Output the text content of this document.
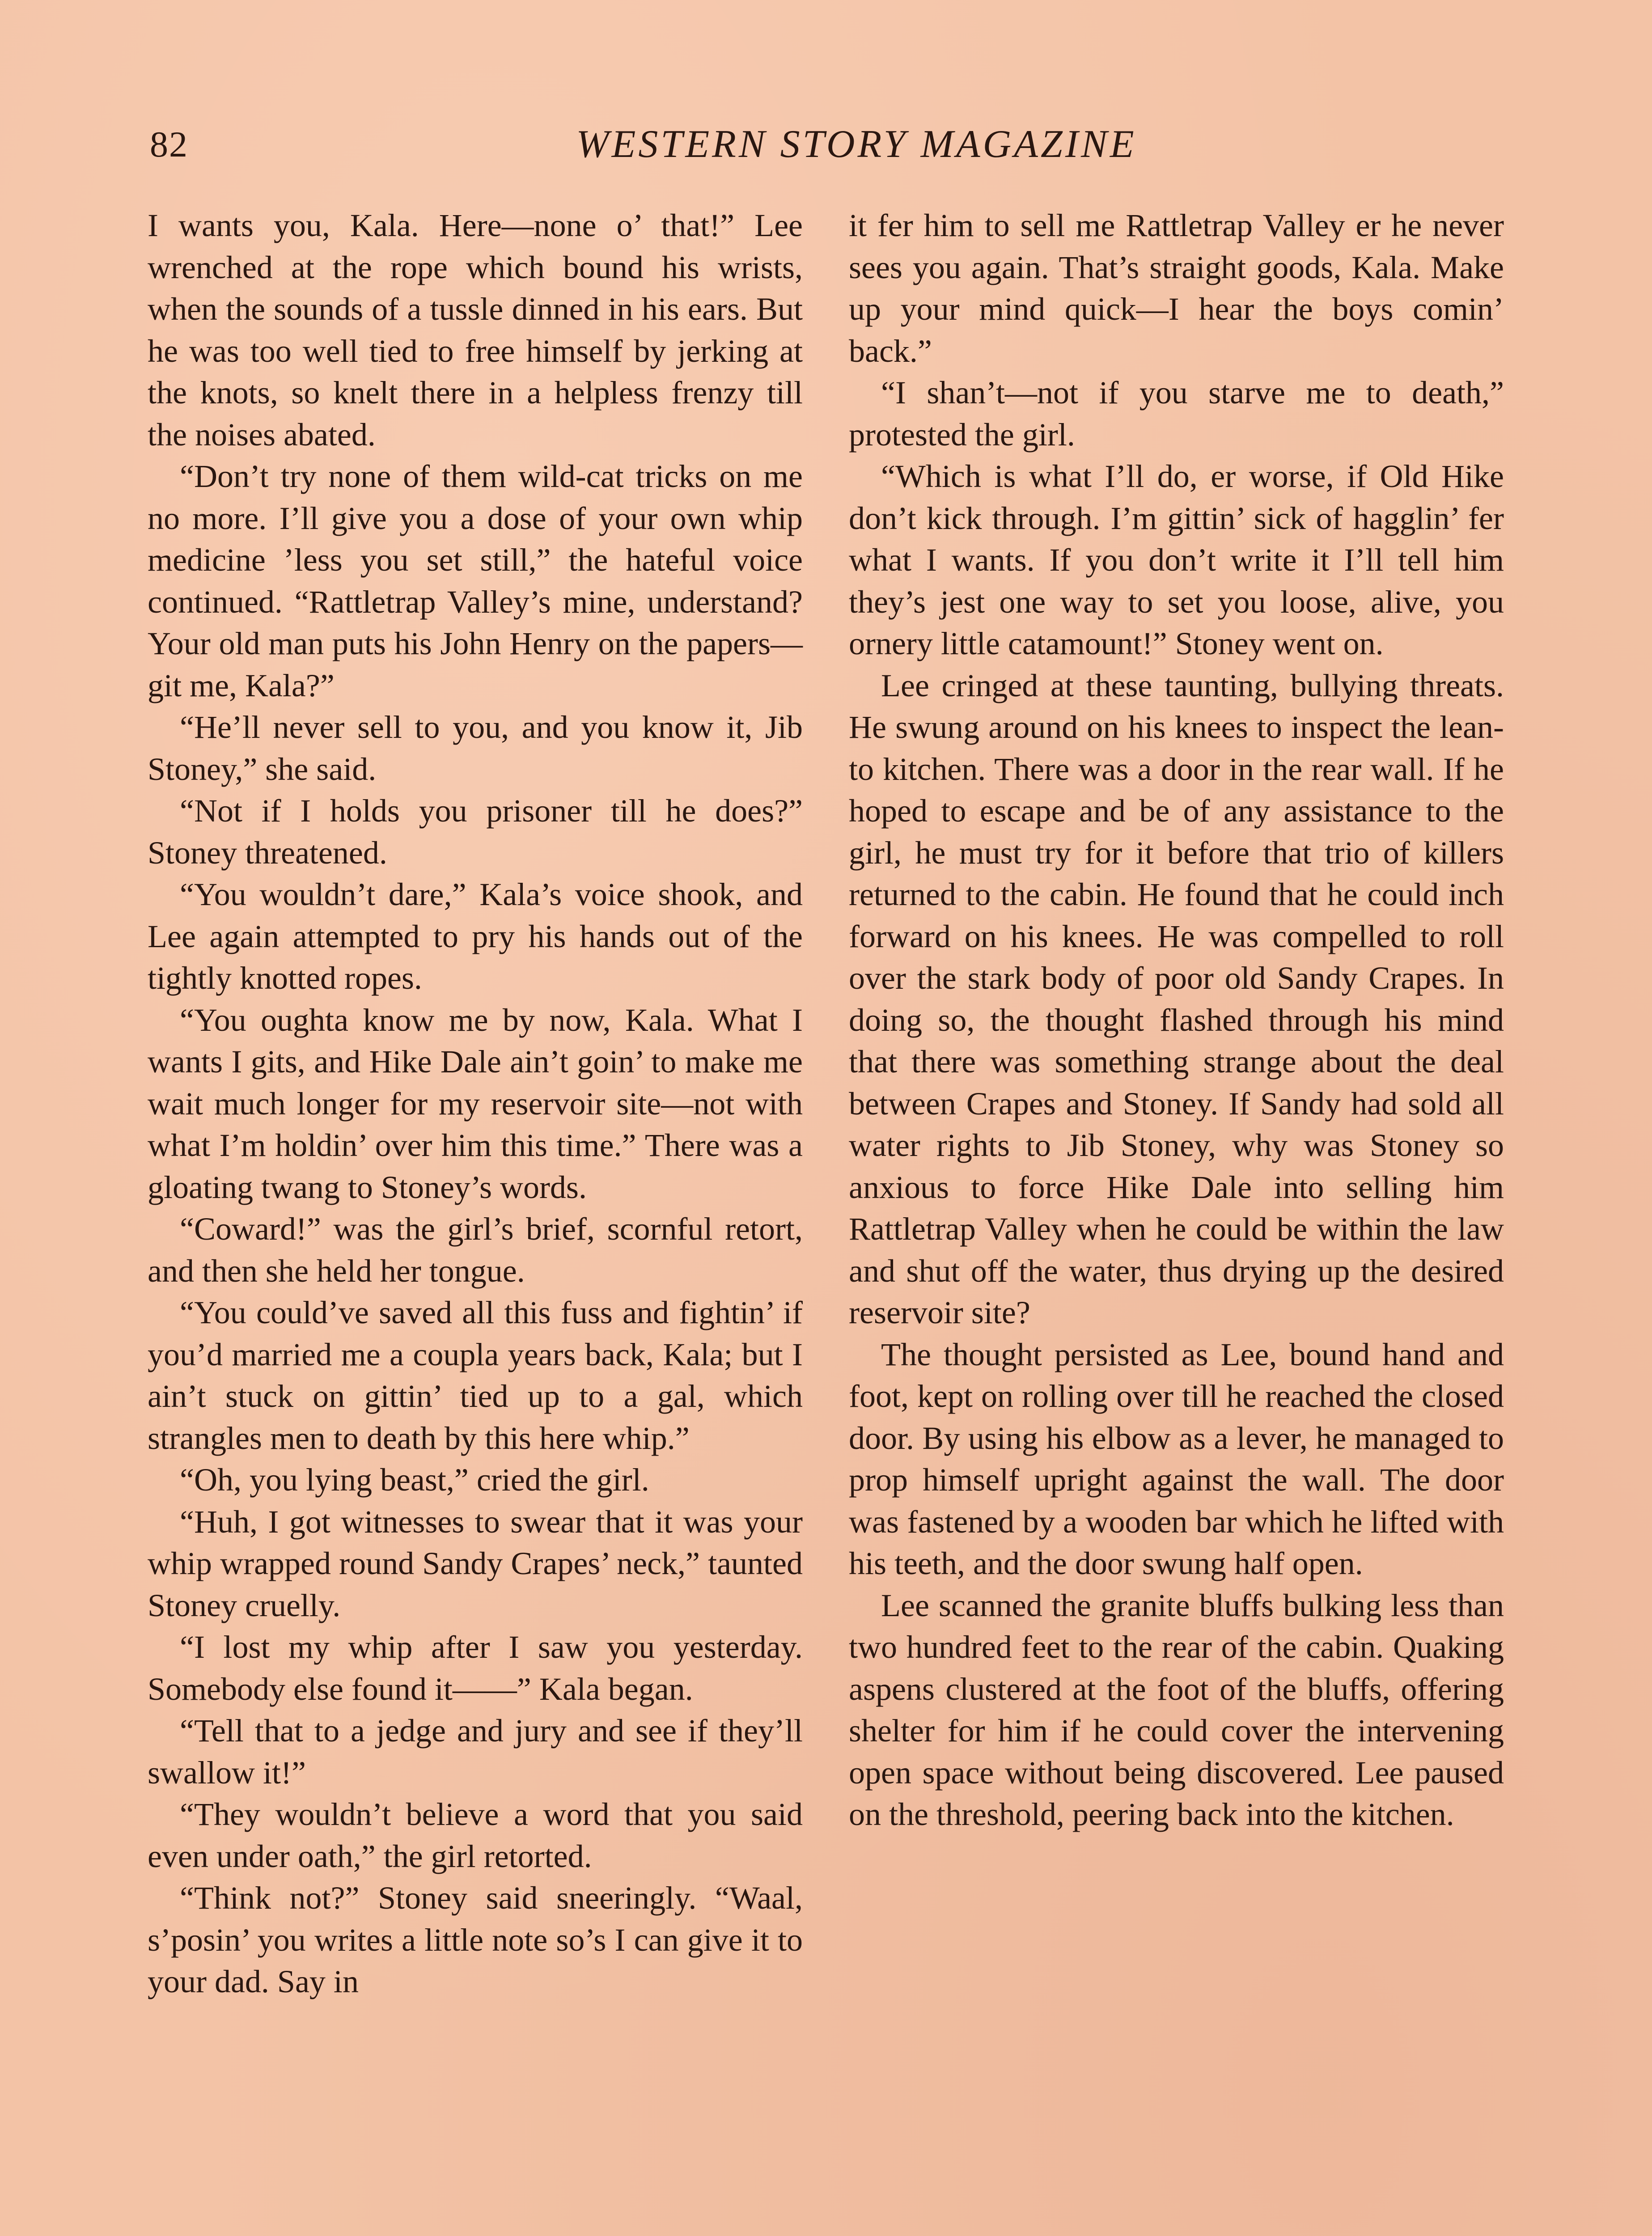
82	WESTERN STORY MAGAZINE

I wants you, Kala. Here—none o’ that!” Lee wrenched at the rope which bound his wrists, when the sounds of a tussle dinned in his ears. But he was too well tied to free himself by jerking at the knots, so knelt there in a helpless frenzy till the noises abated.

“Don’t try none of them wild-cat tricks on me no more. I’ll give you a dose of your own whip medicine ’less you set still,” the hateful voice continued. “Rattletrap Valley’s mine, understand? Your old man puts his John Henry on the papers—git me, Kala?”

“He’ll never sell to you, and you know it, Jib Stoney,” she said.

“Not if I holds you prisoner till he does?” Stoney threatened.

“You wouldn’t dare,” Kala’s voice shook, and Lee again attempted to pry his hands out of the tightly knotted ropes.

“You oughta know me by now, Kala. What I wants I gits, and Hike Dale ain’t goin’ to make me wait much longer for my reservoir site—not with what I’m holdin’ over him this time.” There was a gloating twang to Stoney’s words.

“Coward!” was the girl’s brief, scornful retort, and then she held her tongue.

“You could’ve saved all this fuss and fightin’ if you’d married me a coupla years back, Kala; but I ain’t stuck on gittin’ tied up to a gal, which strangles men to death by this here whip.”

“Oh, you lying beast,” cried the girl.

“Huh, I got witnesses to swear that it was your whip wrapped round Sandy Crapes’ neck,” taunted Stoney cruelly.

“I lost my whip after I saw you yesterday. Somebody else found it——” Kala began.

“Tell that to a jedge and jury and see if they’ll swallow it!”

“They wouldn’t believe a word that you said even under oath,” the girl retorted.

“Think not?” Stoney said sneeringly. “Waal, s’posin’ you writes a little note so’s I can give it to your dad. Say in

it fer him to sell me Rattletrap Valley er he never sees you again. That’s straight goods, Kala. Make up your mind quick—I hear the boys comin’ back.”

“I shan’t—not if you starve me to death,” protested the girl.

“Which is what I’ll do, er worse, if Old Hike don’t kick through. I’m gittin’ sick of hagglin’ fer what I wants. If you don’t write it I’ll tell him they’s jest one way to set you loose, alive, you ornery little catamount!” Stoney went on.

Lee cringed at these taunting, bullying threats. He swung around on his knees to inspect the lean-to kitchen. There was a door in the rear wall. If he hoped to escape and be of any assistance to the girl, he must try for it before that trio of killers returned to the cabin. He found that he could inch forward on his knees. He was compelled to roll over the stark body of poor old Sandy Crapes. In doing so, the thought flashed through his mind that there was something strange about the deal between Crapes and Stoney. If Sandy had sold all water rights to Jib Stoney, why was Stoney so anxious to force Hike Dale into selling him Rattletrap Valley when he could be within the law and shut off the water, thus drying up the desired reservoir site?

The thought persisted as Lee, bound hand and foot, kept on rolling over till he reached the closed door. By using his elbow as a lever, he managed to prop himself upright against the wall. The door was fastened by a wooden bar which he lifted with his teeth, and the door swung half open.

Lee scanned the granite bluffs bulking less than two hundred feet to the rear of the cabin. Quaking aspens clustered at the foot of the bluffs, offering shelter for him if he could cover the intervening open space without being discovered. Lee paused on the threshold, peering back into the kitchen.
